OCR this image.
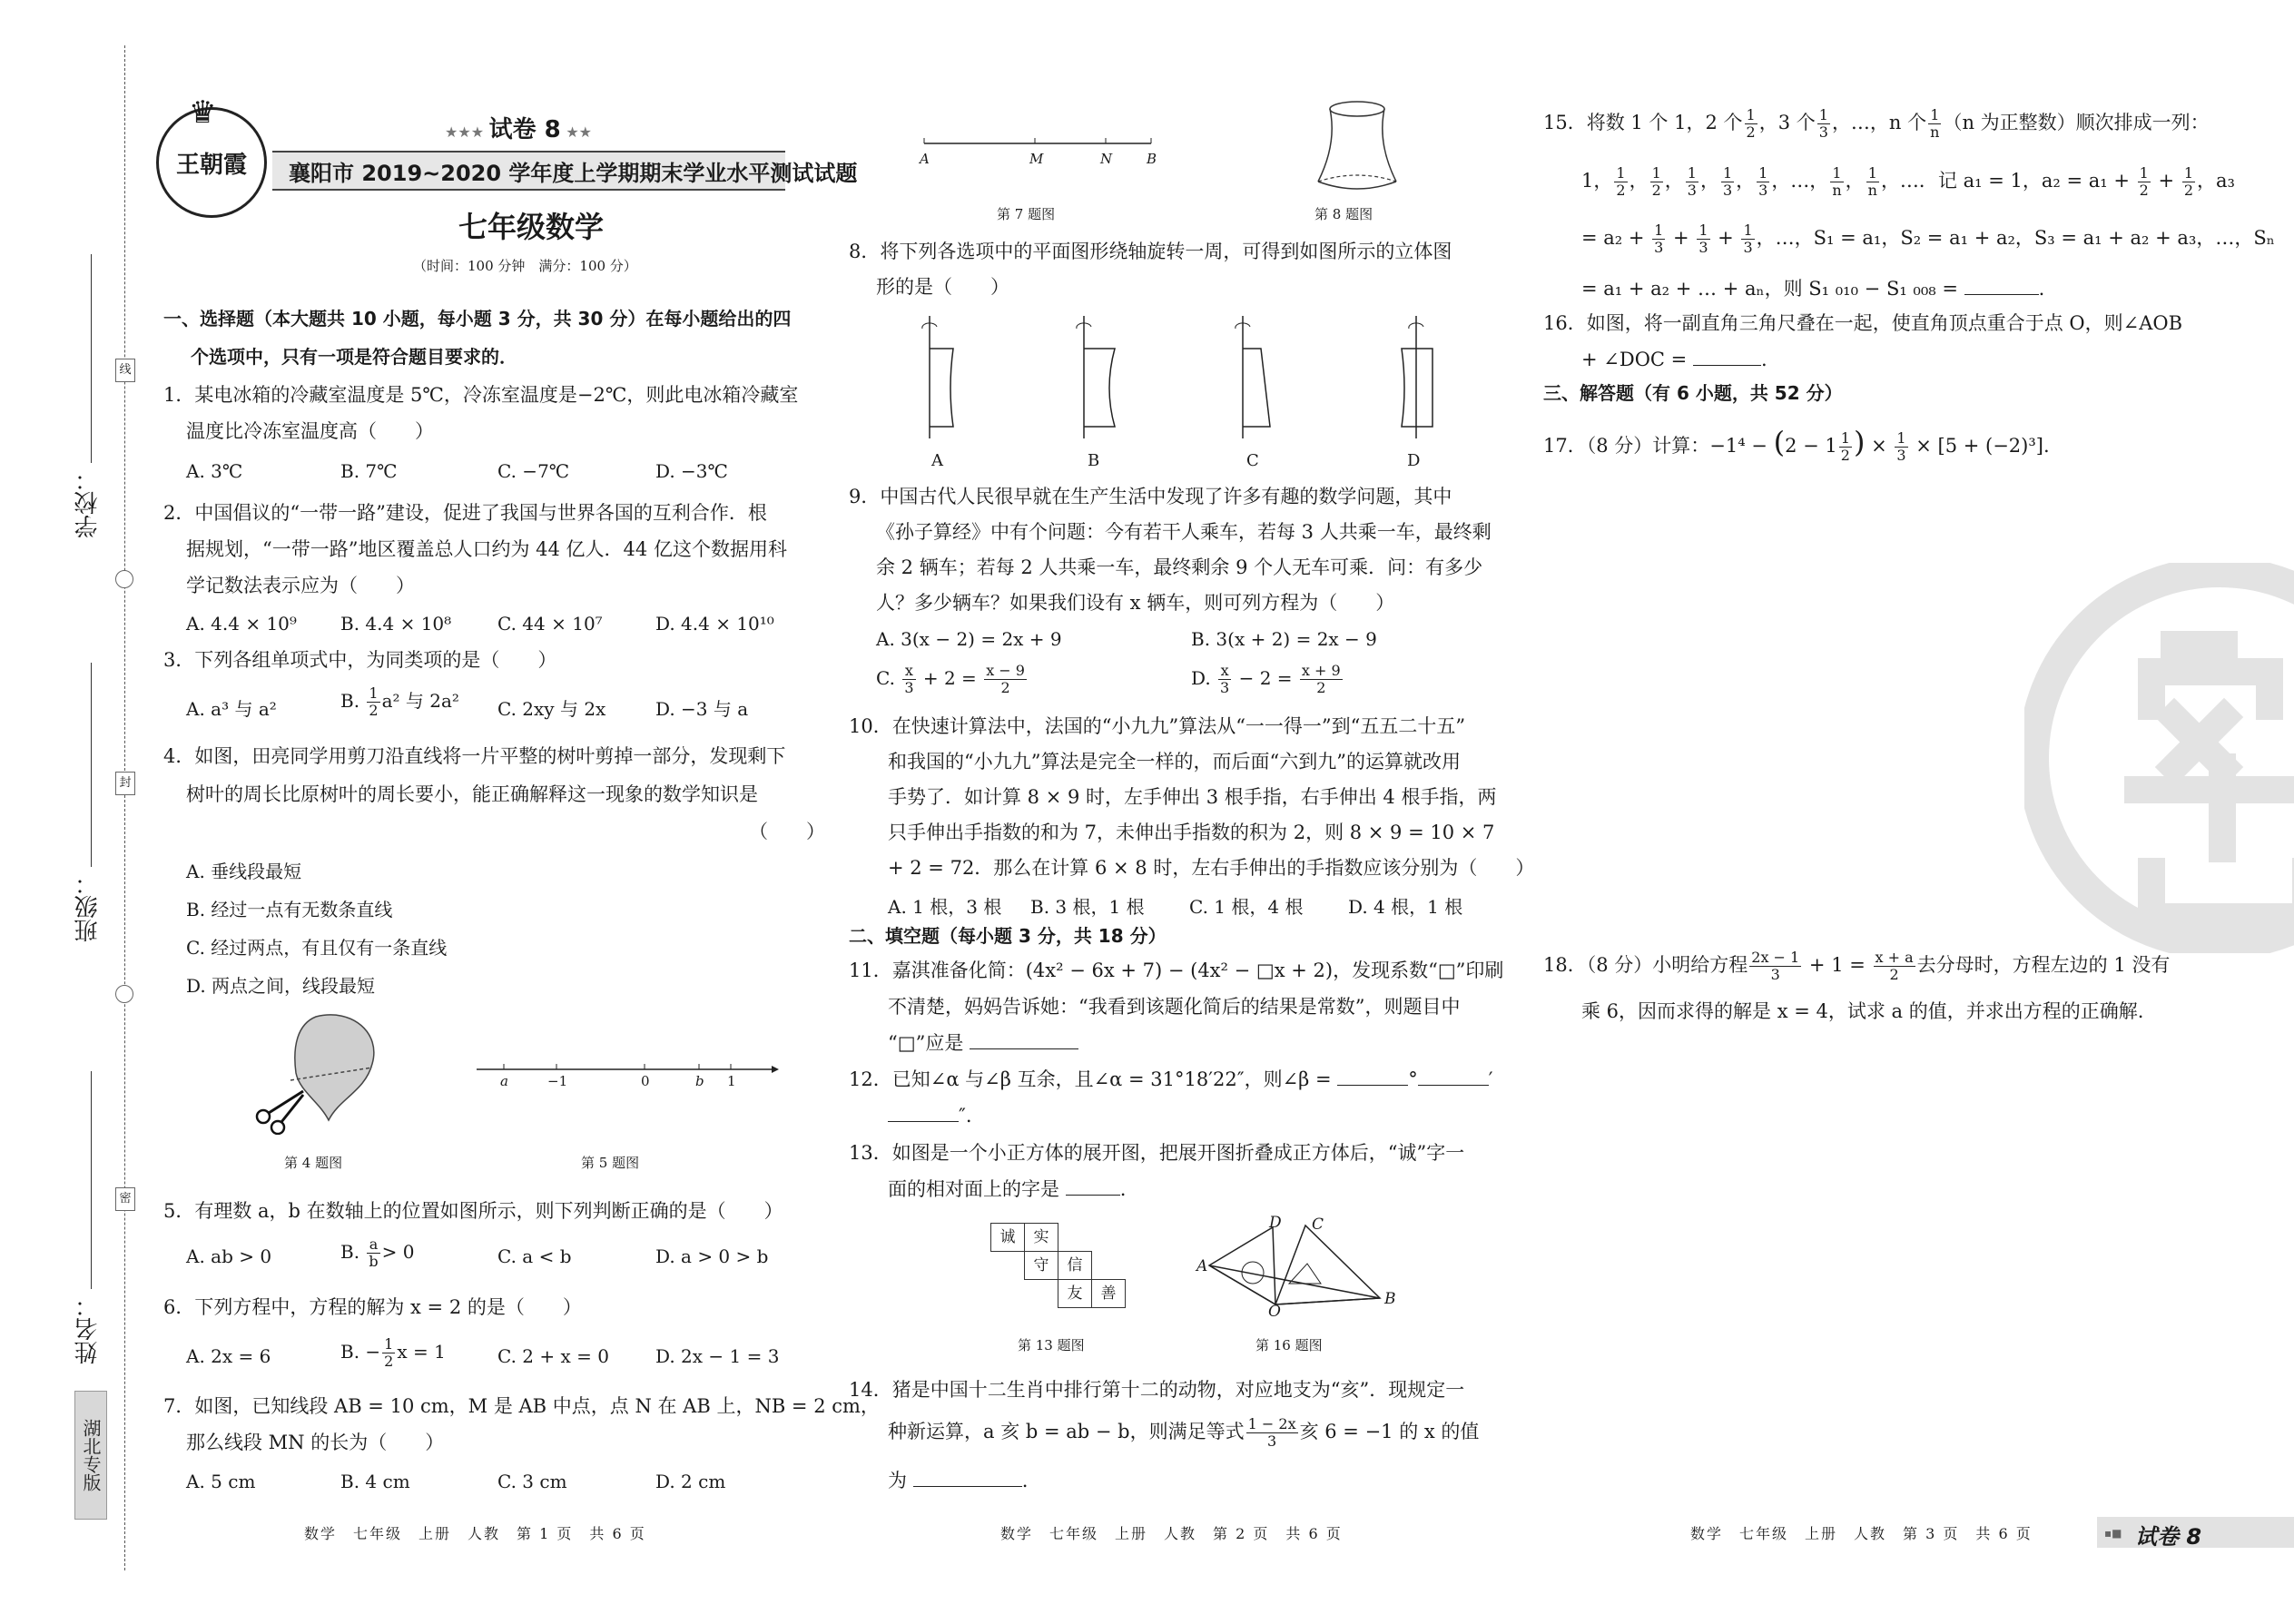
线
封
密
学校：
班级：
姓名：
湖北专版
王朝霞
♛
★★★ 试卷 8 ★★
襄阳市 2019~2020 学年度上学期期末学业水平测试试题
七年级数学
（时间：100 分钟　满分：100 分）
一、选择题（本大题共 10 小题，每小题 3 分，共 30 分）在每小题给出的四
个选项中，只有一项是符合题目要求的．
1．某电冰箱的冷藏室温度是 5℃，冷冻室温度是−2℃，则此电冰箱冷藏室
温度比冷冻室温度高（　　）
A. 3℃	B. 7℃	C. −7℃	D. −3℃
2．中国倡议的“一带一路”建设，促进了我国与世界各国的互利合作．根
据规划，“一带一路”地区覆盖总人口约为 44 亿人．44 亿这个数据用科
学记数法表示应为（　　）
A. 4.4 × 10⁹ B. 4.4 × 10⁸	C. 44 × 10⁷	D. 4.4 × 10¹⁰
3．下列各组单项式中，为同类项的是（　　）
A. a³ 与 a²	B. $\frac{1}{2} a^2$ 与 2a² C. 2xy 与 2x	D. −3 与 a
4．如图，田亮同学用剪刀沿直线将一片平整的树叶剪掉一部分，发现剩下
树叶的周长比原树叶的周长要小，能正确解释这一现象的数学知识是
（　　）
A. 垂线段最短
B. 经过一点有无数条直线
C. 经过两点，有且仅有一条直线
D. 两点之间，线段最短
第 4 题图
a	−1	0	b 1
第 5 题图
5．有理数 a，b 在数轴上的位置如图所示，则下列判断正确的是（　　）
A. ab > 0	B. $\frac{a}{b} > 0$	C. a < b	D. a > 0 > b
6．下列方程中，方程的解为 x = 2 的是（　　）
A. 2x = 6	B. − $\frac{1}{2}$ x = 1	C. 2 + x = 0	D. 2x − 1 = 3
7．如图，已知线段 AB = 10 cm，M 是 AB 中点，点 N 在 AB 上，NB = 2 cm，
那么线段 MN 的长为（　　）
A. 5 cm	B. 4 cm	C. 3 cm	D. 2 cm
数学　七年级　上册　人教　第 1 页　共 6 页
A	M	N	B
第 7 题图	第 8 题图
8．将下列各选项中的平面图形绕轴旋转一周，可得到如图所示的立体图
形的是（　　）
A	B	C	D
9．中国古代人民很早就在生产生活中发现了许多有趣的数学问题，其中
《孙子算经》中有个问题：今有若干人乘车，若每 3 人共乘一车，最终剩
余 2 辆车；若每 2 人共乘一车，最终剩余 9 个人无车可乘．问：有多少
人？多少辆车？如果我们设有 x 辆车，则可列方程为（　　）
A. 3(x − 2) = 2x + 9	B. 3(x + 2) = 2x − 9
C. $\frac{x}{3} + 2 = \frac{x - 9}{2}$	D. $\frac{x}{3} - 2 = \frac{x + 9}{2}$
10．在快速计算法中，法国的“小九九”算法从“一一得一”到“五五二十五”
和我国的“小九九”算法是完全一样的，而后面“六到九”的运算就改用
手势了．如计算 8 × 9 时，左手伸出 3 根手指，右手伸出 4 根手指，两
只手伸出手指数的和为 7，未伸出手指数的积为 2，则 8 × 9 = 10 × 7
+ 2 = 72．那么在计算 6 × 8 时，左右手伸出的手指数应该分别为（　　）
A. 1 根，3 根 B. 3 根，1 根 C. 1 根，4 根 D. 4 根，1 根
二、填空题（每小题 3 分，共 18 分）
11．嘉淇准备化简：(4x² − 6x + 7) − (4x² − □x + 2)，发现系数“□”印刷
不清楚，妈妈告诉她：“我看到该题化简后的结果是常数”，则题目中
“□”应是
12．已知∠α 与∠β 互余，且∠α = 31°18′22″，则∠β =	°	′
″.
13．如图是一个小正方体的展开图，把展开图折叠成正方体后，“诚”字一
面的相对面上的字是	.
诚	实
守	信
友	善
第 13 题图
D C
A
B
O
第 16 题图
14．猪是中国十二生肖中排行第十二的动物，对应地支为“亥”．现规定一
种新运算，a 亥 b = ab − b，则满足等式 $\frac{1 - 2x}{3}$ 亥 6 = −1 的 x 的值
为	.
数学　七年级　上册　人教　第 2 页　共 6 页
15．将数 1 个 1，2 个 $\frac{1}{2}$ ，3 个 $\frac{1}{3}$ ，…，n 个 $\frac{1}{n} (n$ 为正整数）顺次排成一列：
1， $\frac{1}{2}$ ， $\frac{1}{2}$ ， $\frac{1}{3}$ ， $\frac{1}{3}$ ， $\frac{1}{3}$ ，…， $\frac{1}{n}$ ， $\frac{1}{n}$ ，…．记 a₁ = 1，$a_2 = a_1 + \frac{1}{2} + \frac{1}{2}$ ，a₃
= $a_2 + \frac{1}{3} + \frac{1}{3} + \frac{1}{3}$ ，…，S₁ = a₁，S₂ = a₁ + a₂，S₃ = a₁ + a₂ + a₃，…，Sₙ
= a₁ + a₂ + … + aₙ，则 S₁ ₀₁₀ − S₁ ₀₀₈ =	.
16．如图，将一副直角三角尺叠在一起，使直角顶点重合于点 O，则∠AOB
+ ∠DOC =	.
三、解答题（有 6 小题，共 52 分）
17．（8 分）计算：$-1^4 - (2 - 1 \frac{1}{2}$ ) × $\frac{1}{3} \times [5 + (-2)^3]$.
18．（8 分）小明给方程 $\frac{2x - 1}{3} + 1 = \frac{x + a}{2}$ 去分母时，方程左边的 1 没有
乘 6，因而求得的解是 x = 4，试求 a 的值，并求出方程的正确解.
数学　七年级　上册　人教　第 3 页　共 6 页	▪■ 试卷 8
